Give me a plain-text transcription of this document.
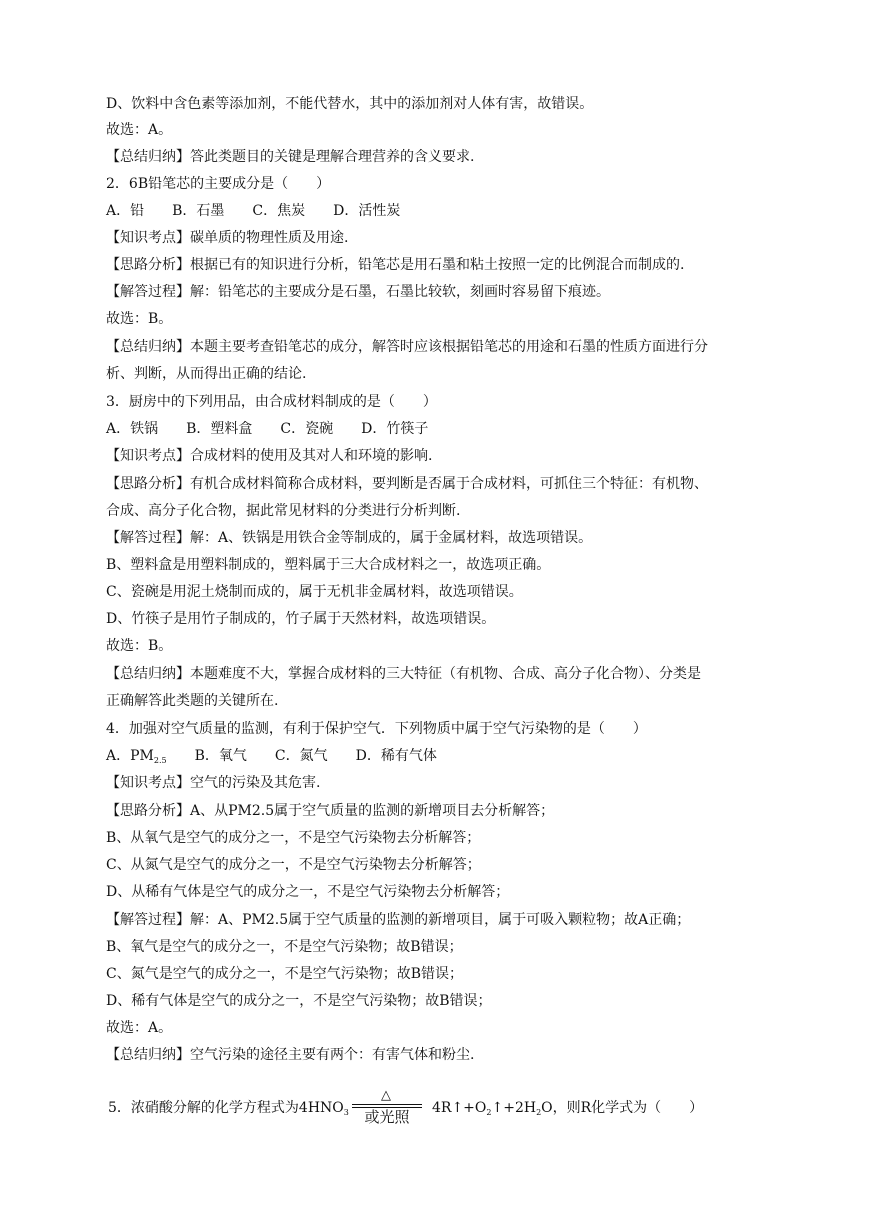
D、饮料中含色素等添加剂，不能代替水，其中的添加剂对人体有害，故错误。
故选：A。
【总结归纳】答此类题目的关键是理解合理营养的含义要求.
2．6B铅笔芯的主要成分是（　　）
A．铅　　B．石墨　　C．焦炭　　D．活性炭
【知识考点】碳单质的物理性质及用途.
【思路分析】根据已有的知识进行分析，铅笔芯是用石墨和粘土按照一定的比例混合而制成的.
【解答过程】解：铅笔芯的主要成分是石墨，石墨比较软，刻画时容易留下痕迹。
故选：B。
【总结归纳】本题主要考查铅笔芯的成分，解答时应该根据铅笔芯的用途和石墨的性质方面进行分
析、判断，从而得出正确的结论.
3．厨房中的下列用品，由合成材料制成的是（　　）
A．铁锅　　B．塑料盒　　C．瓷碗　　D．竹筷子
【知识考点】合成材料的使用及其对人和环境的影响.
【思路分析】有机合成材料简称合成材料，要判断是否属于合成材料，可抓住三个特征：有机物、
合成、高分子化合物，据此常见材料的分类进行分析判断.
【解答过程】解：A、铁锅是用铁合金等制成的，属于金属材料，故选项错误。
B、塑料盒是用塑料制成的，塑料属于三大合成材料之一，故选项正确。
C、瓷碗是用泥土烧制而成的，属于无机非金属材料，故选项错误。
D、竹筷子是用竹子制成的，竹子属于天然材料，故选项错误。
故选：B。
【总结归纳】本题难度不大，掌握合成材料的三大特征（有机物、合成、高分子化合物）、分类是
正确解答此类题的关键所在.
4．加强对空气质量的监测，有利于保护空气．下列物质中属于空气污染物的是（　　）
A．$PM_{2.5}$　　B．氧气　　C．氮气　　D．稀有气体
【知识考点】空气的污染及其危害.
【思路分析】A、从PM2.5属于空气质量的监测的新增项目去分析解答；
B、从氧气是空气的成分之一，不是空气污染物去分析解答；
C、从氮气是空气的成分之一，不是空气污染物去分析解答；
D、从稀有气体是空气的成分之一，不是空气污染物去分析解答；
【解答过程】解：A、PM2.5属于空气质量的监测的新增项目，属于可吸入颗粒物；故A正确；
B、氧气是空气的成分之一，不是空气污染物；故B错误；
C、氮气是空气的成分之一，不是空气污染物；故B错误；
D、稀有气体是空气的成分之一，不是空气污染物；故B错误；
故选：A。
【总结归纳】空气污染的途径主要有两个：有害气体和粉尘.
5．浓硝酸分解的化学方程式为$4HNO_3$
△
或光照	$4R↑+O_2↑+2H_2O$，则R化学式为（　　）
